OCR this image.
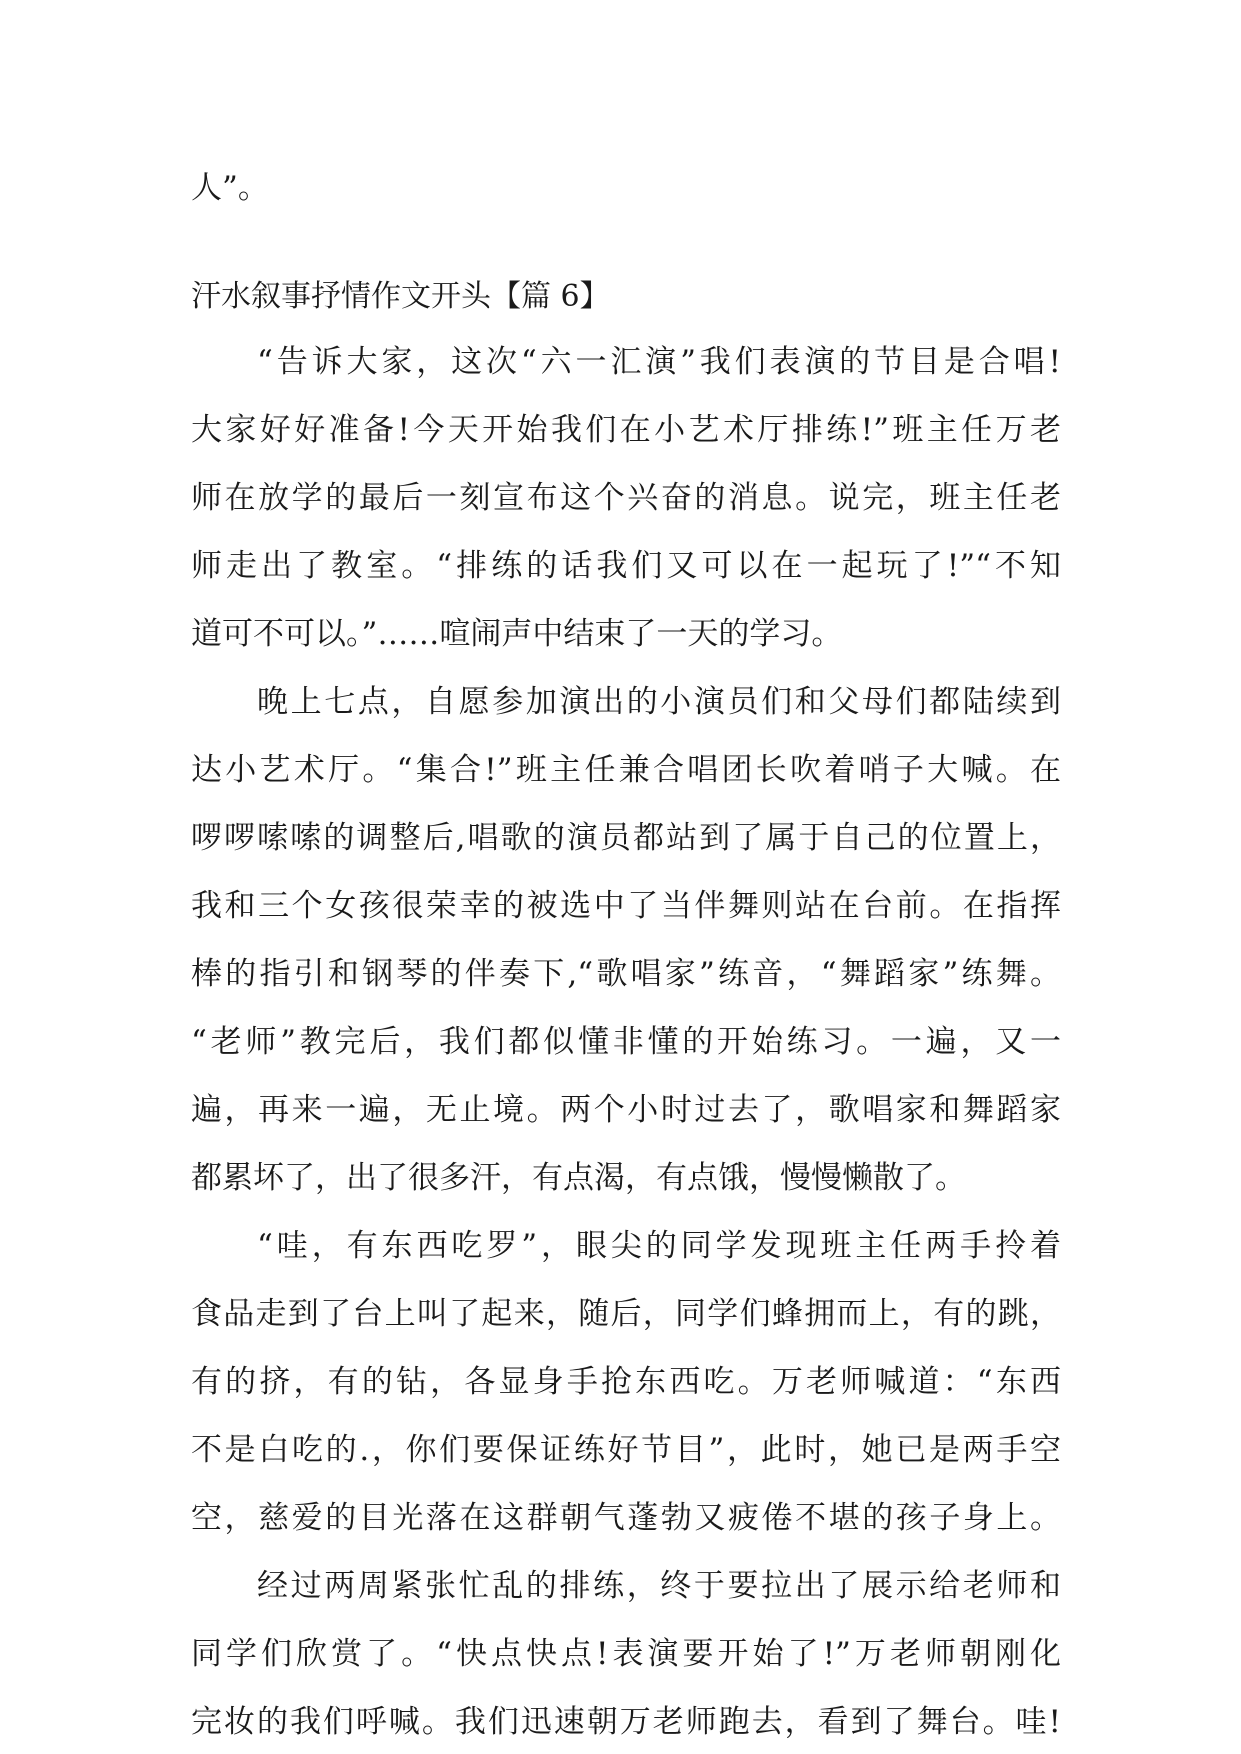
人”。
汗水叙事抒情作文开头【篇 6】
“告诉大家，这次“六一汇演”我们表演的节目是合唱!
大家好好准备!今天开始我们在小艺术厅排练!”班主任万老
师在放学的最后一刻宣布这个兴奋的消息。说完，班主任老
师走出了教室。“排练的话我们又可以在一起玩了!”“不知
道可不可以。”……喧闹声中结束了一天的学习。
晚上七点，自愿参加演出的小演员们和父母们都陆续到
达小艺术厅。“集合!”班主任兼合唱团长吹着哨子大喊。在
啰啰嗦嗦的调整后,唱歌的演员都站到了属于自己的位置上，
我和三个女孩很荣幸的被选中了当伴舞则站在台前。在指挥
棒的指引和钢琴的伴奏下,“歌唱家”练音，“舞蹈家”练舞。
“老师”教完后，我们都似懂非懂的开始练习。一遍，又一
遍，再来一遍，无止境。两个小时过去了，歌唱家和舞蹈家
都累坏了，出了很多汗，有点渴，有点饿，慢慢懒散了。
“哇，有东西吃罗”，眼尖的同学发现班主任两手拎着
食品走到了台上叫了起来，随后，同学们蜂拥而上，有的跳，
有的挤，有的钻，各显身手抢东西吃。万老师喊道：“东西
不是白吃的.，你们要保证练好节目”，此时，她已是两手空
空，慈爱的目光落在这群朝气蓬勃又疲倦不堪的孩子身上。
经过两周紧张忙乱的排练，终于要拉出了展示给老师和
同学们欣赏了。“快点快点!表演要开始了!”万老师朝刚化
完妆的我们呼喊。我们迅速朝万老师跑去，看到了舞台。哇!
